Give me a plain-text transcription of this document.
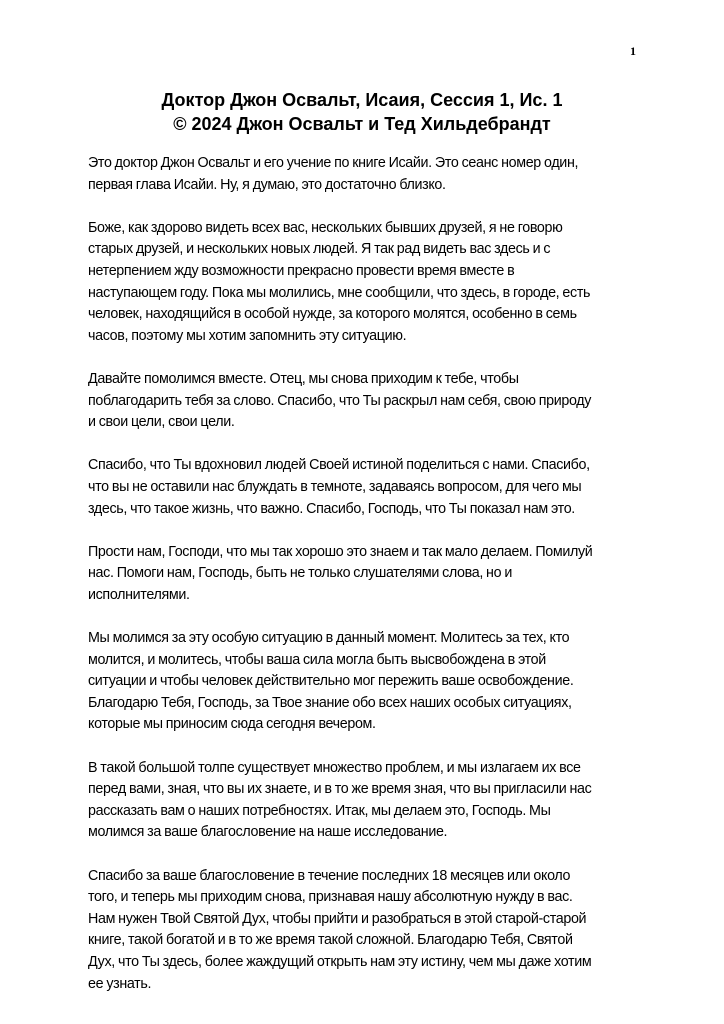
1
Доктор Джон Освальт, Исаия, Сессия 1, Ис. 1
© 2024 Джон Освальт и Тед Хильдебрандт
Это доктор Джон Освальт и его учение по книге Исайи. Это сеанс номер один,
первая глава Исайи. Ну, я думаю, это достаточно близко.
Боже, как здорово видеть всех вас, нескольких бывших друзей, я не говорю
старых друзей, и нескольких новых людей. Я так рад видеть вас здесь и с
нетерпением жду возможности прекрасно провести время вместе в
наступающем году. Пока мы молились, мне сообщили, что здесь, в городе, есть
человек, находящийся в особой нужде, за которого молятся, особенно в семь
часов, поэтому мы хотим запомнить эту ситуацию.
Давайте помолимся вместе. Отец, мы снова приходим к тебе, чтобы
поблагодарить тебя за слово. Спасибо, что Ты раскрыл нам себя, свою природу
и свои цели, свои цели.
Спасибо, что Ты вдохновил людей Своей истиной поделиться с нами. Спасибо,
что вы не оставили нас блуждать в темноте, задаваясь вопросом, для чего мы
здесь, что такое жизнь, что важно. Спасибо, Господь, что Ты показал нам это.
Прости нам, Господи, что мы так хорошо это знаем и так мало делаем. Помилуй
нас. Помоги нам, Господь, быть не только слушателями слова, но и
исполнителями.
Мы молимся за эту особую ситуацию в данный момент. Молитесь за тех, кто
молится, и молитесь, чтобы ваша сила могла быть высвобождена в этой
ситуации и чтобы человек действительно мог пережить ваше освобождение.
Благодарю Тебя, Господь, за Твое знание обо всех наших особых ситуациях,
которые мы приносим сюда сегодня вечером.
В такой большой толпе существует множество проблем, и мы излагаем их все
перед вами, зная, что вы их знаете, и в то же время зная, что вы пригласили нас
рассказать вам о наших потребностях. Итак, мы делаем это, Господь. Мы
молимся за ваше благословение на наше исследование.
Спасибо за ваше благословение в течение последних 18 месяцев или около
того, и теперь мы приходим снова, признавая нашу абсолютную нужду в вас.
Нам нужен Твой Святой Дух, чтобы прийти и разобраться в этой старой-старой
книге, такой богатой и в то же время такой сложной. Благодарю Тебя, Святой
Дух, что Ты здесь, более жаждущий открыть нам эту истину, чем мы даже хотим
ее узнать.
